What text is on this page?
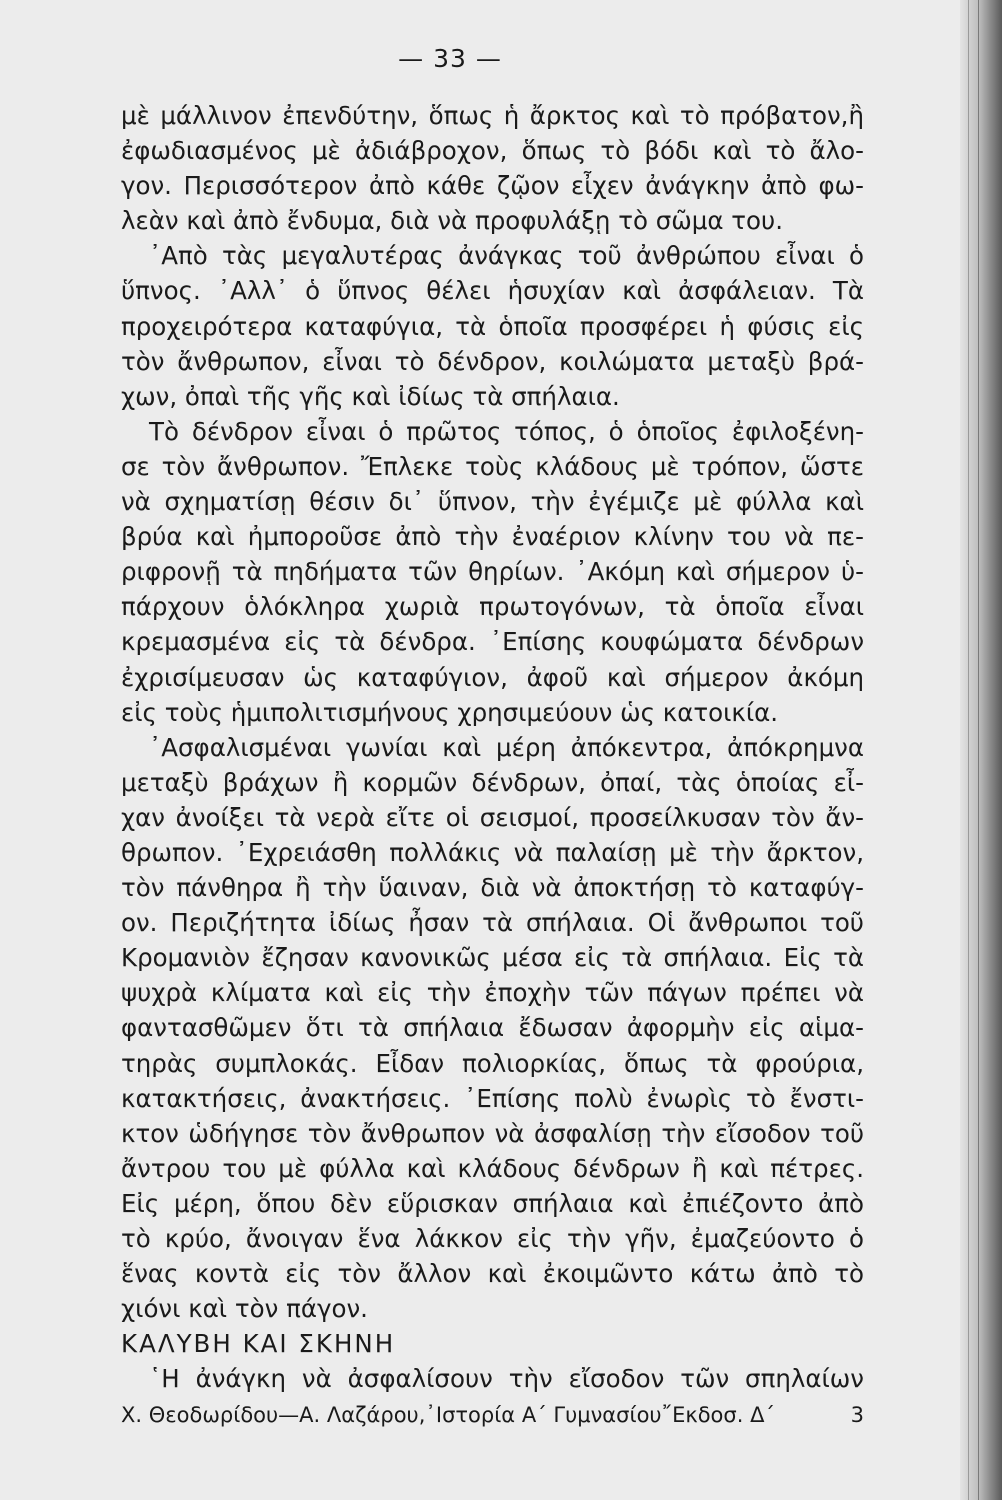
— 33 —
μὲ μάλλινον ἐπενδύτην, ὅπως ἡ ἄρκτος καὶ τὸ πρόβατον,ἢ
ἐφωδιασμένος μὲ ἀδιάβροχον, ὅπως τὸ βόδι καὶ τὸ ἄλο-
γον. Περισσότερον ἀπὸ κάθε ζῷον εἶχεν ἀνάγκην ἀπὸ φω-
λεὰν καὶ ἀπὸ ἔνδυμα, διὰ νὰ προφυλάξῃ τὸ σῶμα του.
᾿Απὸ τὰς μεγαλυτέρας ἀνάγκας τοῦ ἀνθρώπου εἶναι ὁ
ὕπνος. ᾿Αλλ᾿ ὁ ὕπνος θέλει ἡσυχίαν καὶ ἀσφάλειαν. Τὰ
προχειρότερα καταφύγια, τὰ ὁποῖα προσφέρει ἡ φύσις εἰς
τὸν ἄνθρωπον, εἶναι τὸ δένδρον, κοιλώματα μεταξὺ βρά-
χων, ὀπαὶ τῆς γῆς καὶ ἰδίως τὰ σπήλαια.
Τὸ δένδρον εἶναι ὁ πρῶτος τόπος, ὁ ὁποῖος ἐφιλοξένη-
σε τὸν ἄνθρωπον. Ἔπλεκε τοὺς κλάδους μὲ τρόπον, ὥστε
νὰ σχηματίσῃ θέσιν δι᾿ ὕπνον, τὴν ἐγέμιζε μὲ φύλλα καὶ
βρύα καὶ ἠμποροῦσε ἀπὸ τὴν ἐναέριον κλίνην του νὰ πε-
ριφρονῇ τὰ πηδήματα τῶν θηρίων. ᾿Ακόμη καὶ σήμερον ὑ-
πάρχουν ὁλόκληρα χωριὰ πρωτογόνων, τὰ ὁποῖα εἶναι
κρεμασμένα εἰς τὰ δένδρα. ᾿Επίσης κουφώματα δένδρων
ἐχρισίμευσαν ὡς καταφύγιον, ἀφοῦ καὶ σήμερον ἀκόμη
εἰς τοὺς ἡμιπολιτισμήνους χρησιμεύουν ὡς κατοικία.
᾿Ασφαλισμέναι γωνίαι καὶ μέρη ἀπόκεντρα, ἀπόκρημνα
μεταξὺ βράχων ἢ κορμῶν δένδρων, ὀπαί, τὰς ὁποίας εἶ-
χαν ἀνοίξει τὰ νερὰ εἴτε οἱ σεισμοί, προσείλκυσαν τὸν ἄν-
θρωπον. ᾿Εχρειάσθη πολλάκις νὰ παλαίσῃ μὲ τὴν ἄρκτον,
τὸν πάνθηρα ἢ τὴν ὕαιναν, διὰ νὰ ἀποκτήσῃ τὸ καταφύγ-
ον. Περιζήτητα ἰδίως ἦσαν τὰ σπήλαια. Οἱ ἄνθρωποι τοῦ
Κρομανιὸν ἔζησαν κανονικῶς μέσα εἰς τὰ σπήλαια. Εἰς τὰ
ψυχρὰ κλίματα καὶ εἰς τὴν ἐποχὴν τῶν πάγων πρέπει νὰ
φαντασθῶμεν ὅτι τὰ σπήλαια ἔδωσαν ἀφορμὴν εἰς αἱμα-
τηρὰς συμπλοκάς. Εἶδαν πολιορκίας, ὅπως τὰ φρούρια,
κατακτήσεις, ἀνακτήσεις. ᾿Επίσης πολὺ ἐνωρὶς τὸ ἔνστι-
κτον ὡδήγησε τὸν ἄνθρωπον νὰ ἀσφαλίσῃ τὴν εἴσοδον τοῦ
ἄντρου του μὲ φύλλα καὶ κλάδους δένδρων ἢ καὶ πέτρες.
Εἰς μέρη, ὅπου δὲν εὕρισκαν σπήλαια καὶ ἐπιέζοντο ἀπὸ
τὸ κρύο, ἄνοιγαν ἕνα λάκκον εἰς τὴν γῆν, ἐμαζεύοντο ὁ
ἕνας κοντὰ εἰς τὸν ἄλλον καὶ ἐκοιμῶντο κάτω ἀπὸ τὸ
χιόνι καὶ τὸν πάγον.
ΚΑΛΥΒΗ ΚΑΙ ΣΚΗΝΗ
῾Η ἀνάγκη νὰ ἀσφαλίσουν τὴν εἴσοδον τῶν σπηλαίων
Χ. Θεοδωρίδου—Α. Λαζάρου,᾿Ιστορία Α΄ Γυμνασίου῎Εκδοσ. Δ΄	3
